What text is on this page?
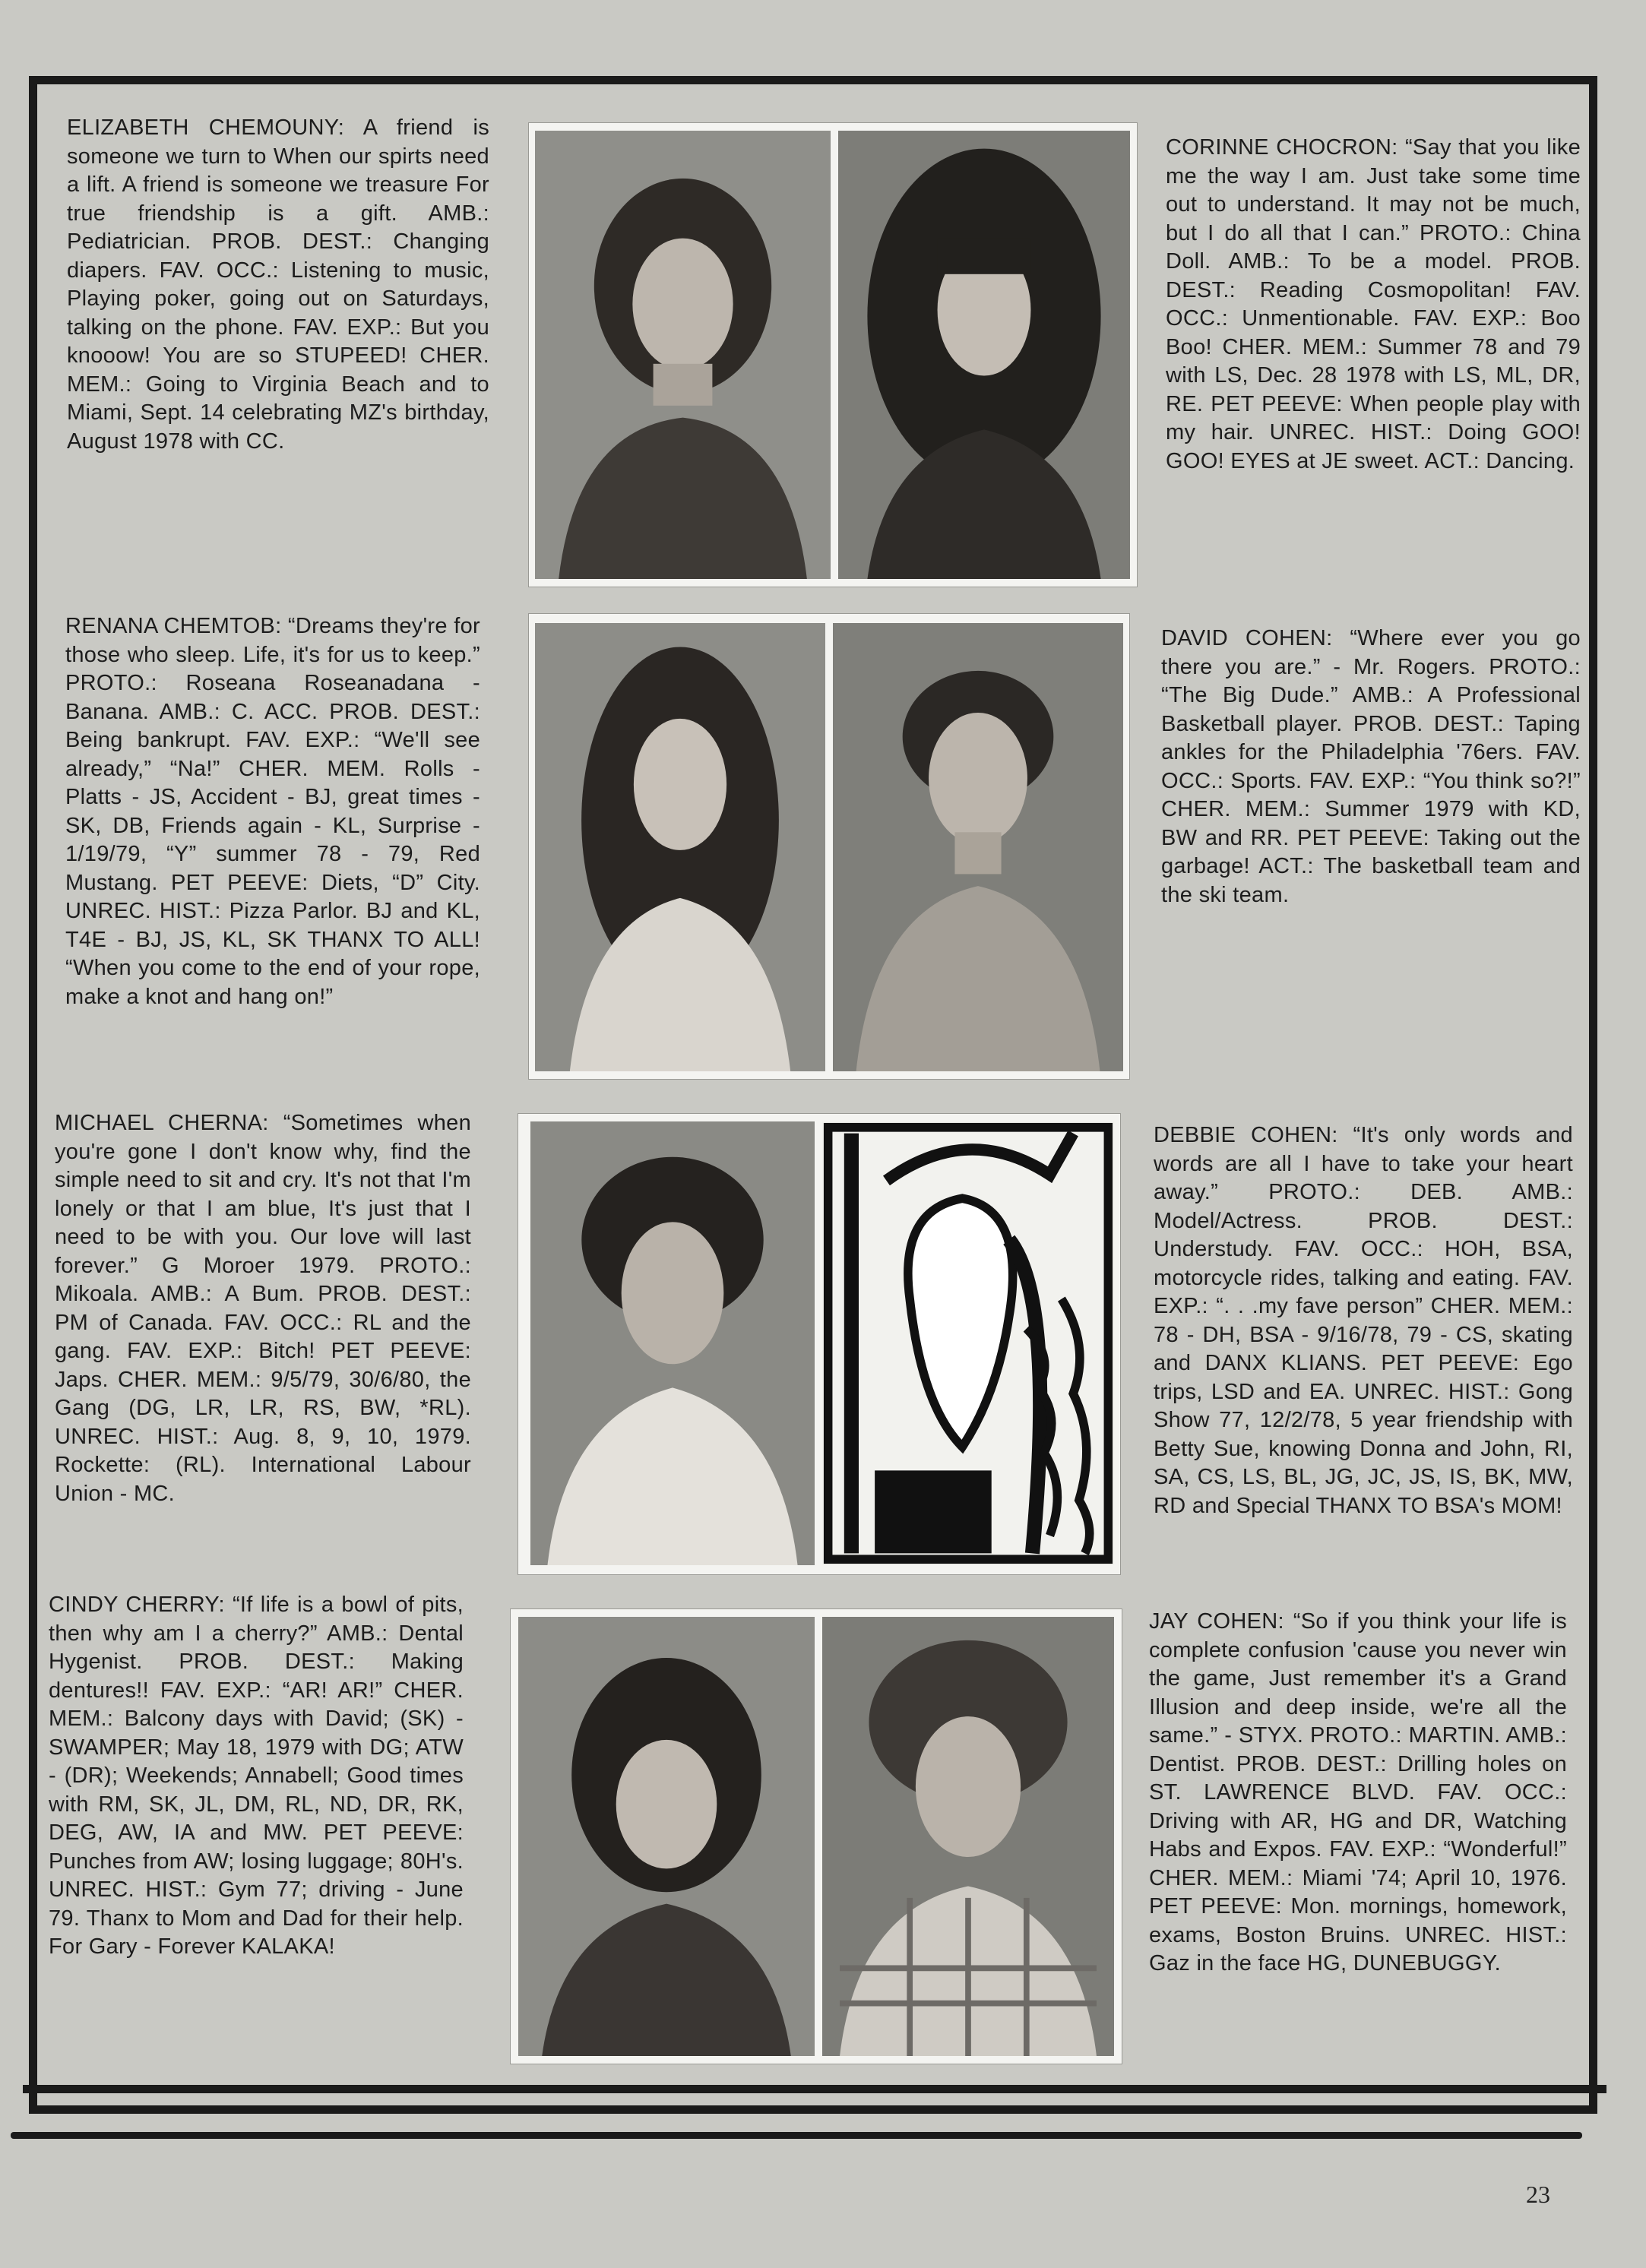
ELIZABETH CHEMOUNY: A friend is someone we turn to When our spirts need a lift. A friend is someone we treasure For true friendship is a gift. AMB.: Pediatrician. PROB. DEST.: Changing diapers. FAV. OCC.: Listening to music, Playing poker, going out on Saturdays, talking on the phone. FAV. EXP.: But you knooow! You are so STUPEED! CHER. MEM.: Going to Virginia Beach and to Miami, Sept. 14 celebrating MZ's birthday, August 1978 with CC.
CORINNE CHOCRON: “Say that you like me the way I am. Just take some time out to understand. It may not be much, but I do all that I can.” PROTO.: China Doll. AMB.: To be a model. PROB. DEST.: Reading Cosmopolitan! FAV. OCC.: Unmentionable. FAV. EXP.: Boo Boo! CHER. MEM.: Summer 78 and 79 with LS, Dec. 28 1978 with LS, ML, DR, RE. PET PEEVE: When people play with my hair. UNREC. HIST.: Doing GOO! GOO! EYES at JE sweet. ACT.: Dancing.
RENANA CHEMTOB: “Dreams they're for those who sleep. Life, it's for us to keep.” PROTO.: Roseana Roseanadana - Banana. AMB.: C. ACC. PROB. DEST.: Being bankrupt. FAV. EXP.: “We'll see already,” “Na!” CHER. MEM. Rolls - Platts - JS, Accident - BJ, great times - SK, DB, Friends again - KL, Surprise - 1/19/79, “Y” summer 78 - 79, Red Mustang. PET PEEVE: Diets, “D” City. UNREC. HIST.: Pizza Parlor. BJ and KL, T4E - BJ, JS, KL, SK THANX TO ALL! “When you come to the end of your rope, make a knot and hang on!”
DAVID COHEN: “Where ever you go there you are.” - Mr. Rogers. PROTO.: “The Big Dude.” AMB.: A Professional Basketball player. PROB. DEST.: Taping ankles for the Philadelphia '76ers. FAV. OCC.: Sports. FAV. EXP.: “You think so?!” CHER. MEM.: Summer 1979 with KD, BW and RR. PET PEEVE: Taking out the garbage! ACT.: The basketball team and the ski team.
MICHAEL CHERNA: “Sometimes when you're gone I don't know why, find the simple need to sit and cry. It's not that I'm lonely or that I am blue, It's just that I need to be with you. Our love will last forever.” G Moroer 1979. PROTO.: Mikoala. AMB.: A Bum. PROB. DEST.: PM of Canada. FAV. OCC.: RL and the gang. FAV. EXP.: Bitch! PET PEEVE: Japs. CHER. MEM.: 9/5/79, 30/6/80, the Gang (DG, LR, LR, RS, BW, *RL). UNREC. HIST.: Aug. 8, 9, 10, 1979. Rockette: (RL). International Labour Union - MC.
DEBBIE COHEN: “It's only words and words are all I have to take your heart away.” PROTO.: DEB. AMB.: Model/Actress. PROB. DEST.: Understudy. FAV. OCC.: HOH, BSA, motorcycle rides, talking and eating. FAV. EXP.: “. . .my fave person” CHER. MEM.: 78 - DH, BSA - 9/16/78, 79 - CS, skating and DANX KLIANS. PET PEEVE: Ego trips, LSD and EA. UNREC. HIST.: Gong Show 77, 12/2/78, 5 year friendship with Betty Sue, knowing Donna and John, RI, SA, CS, LS, BL, JG, JC, JS, IS, BK, MW, RD and Special THANX TO BSA's MOM!
CINDY CHERRY: “If life is a bowl of pits, then why am I a cherry?” AMB.: Dental Hygenist. PROB. DEST.: Making dentures!! FAV. EXP.: “AR! AR!” CHER. MEM.: Balcony days with David; (SK) - SWAMPER; May 18, 1979 with DG; ATW - (DR); Weekends; Annabell; Good times with RM, SK, JL, DM, RL, ND, DR, RK, DEG, AW, IA and MW. PET PEEVE: Punches from AW; losing luggage; 80H's. UNREC. HIST.: Gym 77; driving - June 79. Thanx to Mom and Dad for their help. For Gary - Forever KALAKA!
JAY COHEN: “So if you think your life is complete confusion 'cause you never win the game, Just remember it's a Grand Illusion and deep inside, we're all the same.” - STYX. PROTO.: MARTIN. AMB.: Dentist. PROB. DEST.: Drilling holes on ST. LAWRENCE BLVD. FAV. OCC.: Driving with AR, HG and DR, Watching Habs and Expos. FAV. EXP.: “Wonderful!” CHER. MEM.: Miami '74; April 10, 1976. PET PEEVE: Mon. mornings, homework, exams, Boston Bruins. UNREC. HIST.: Gaz in the face HG, DUNEBUGGY.
23
